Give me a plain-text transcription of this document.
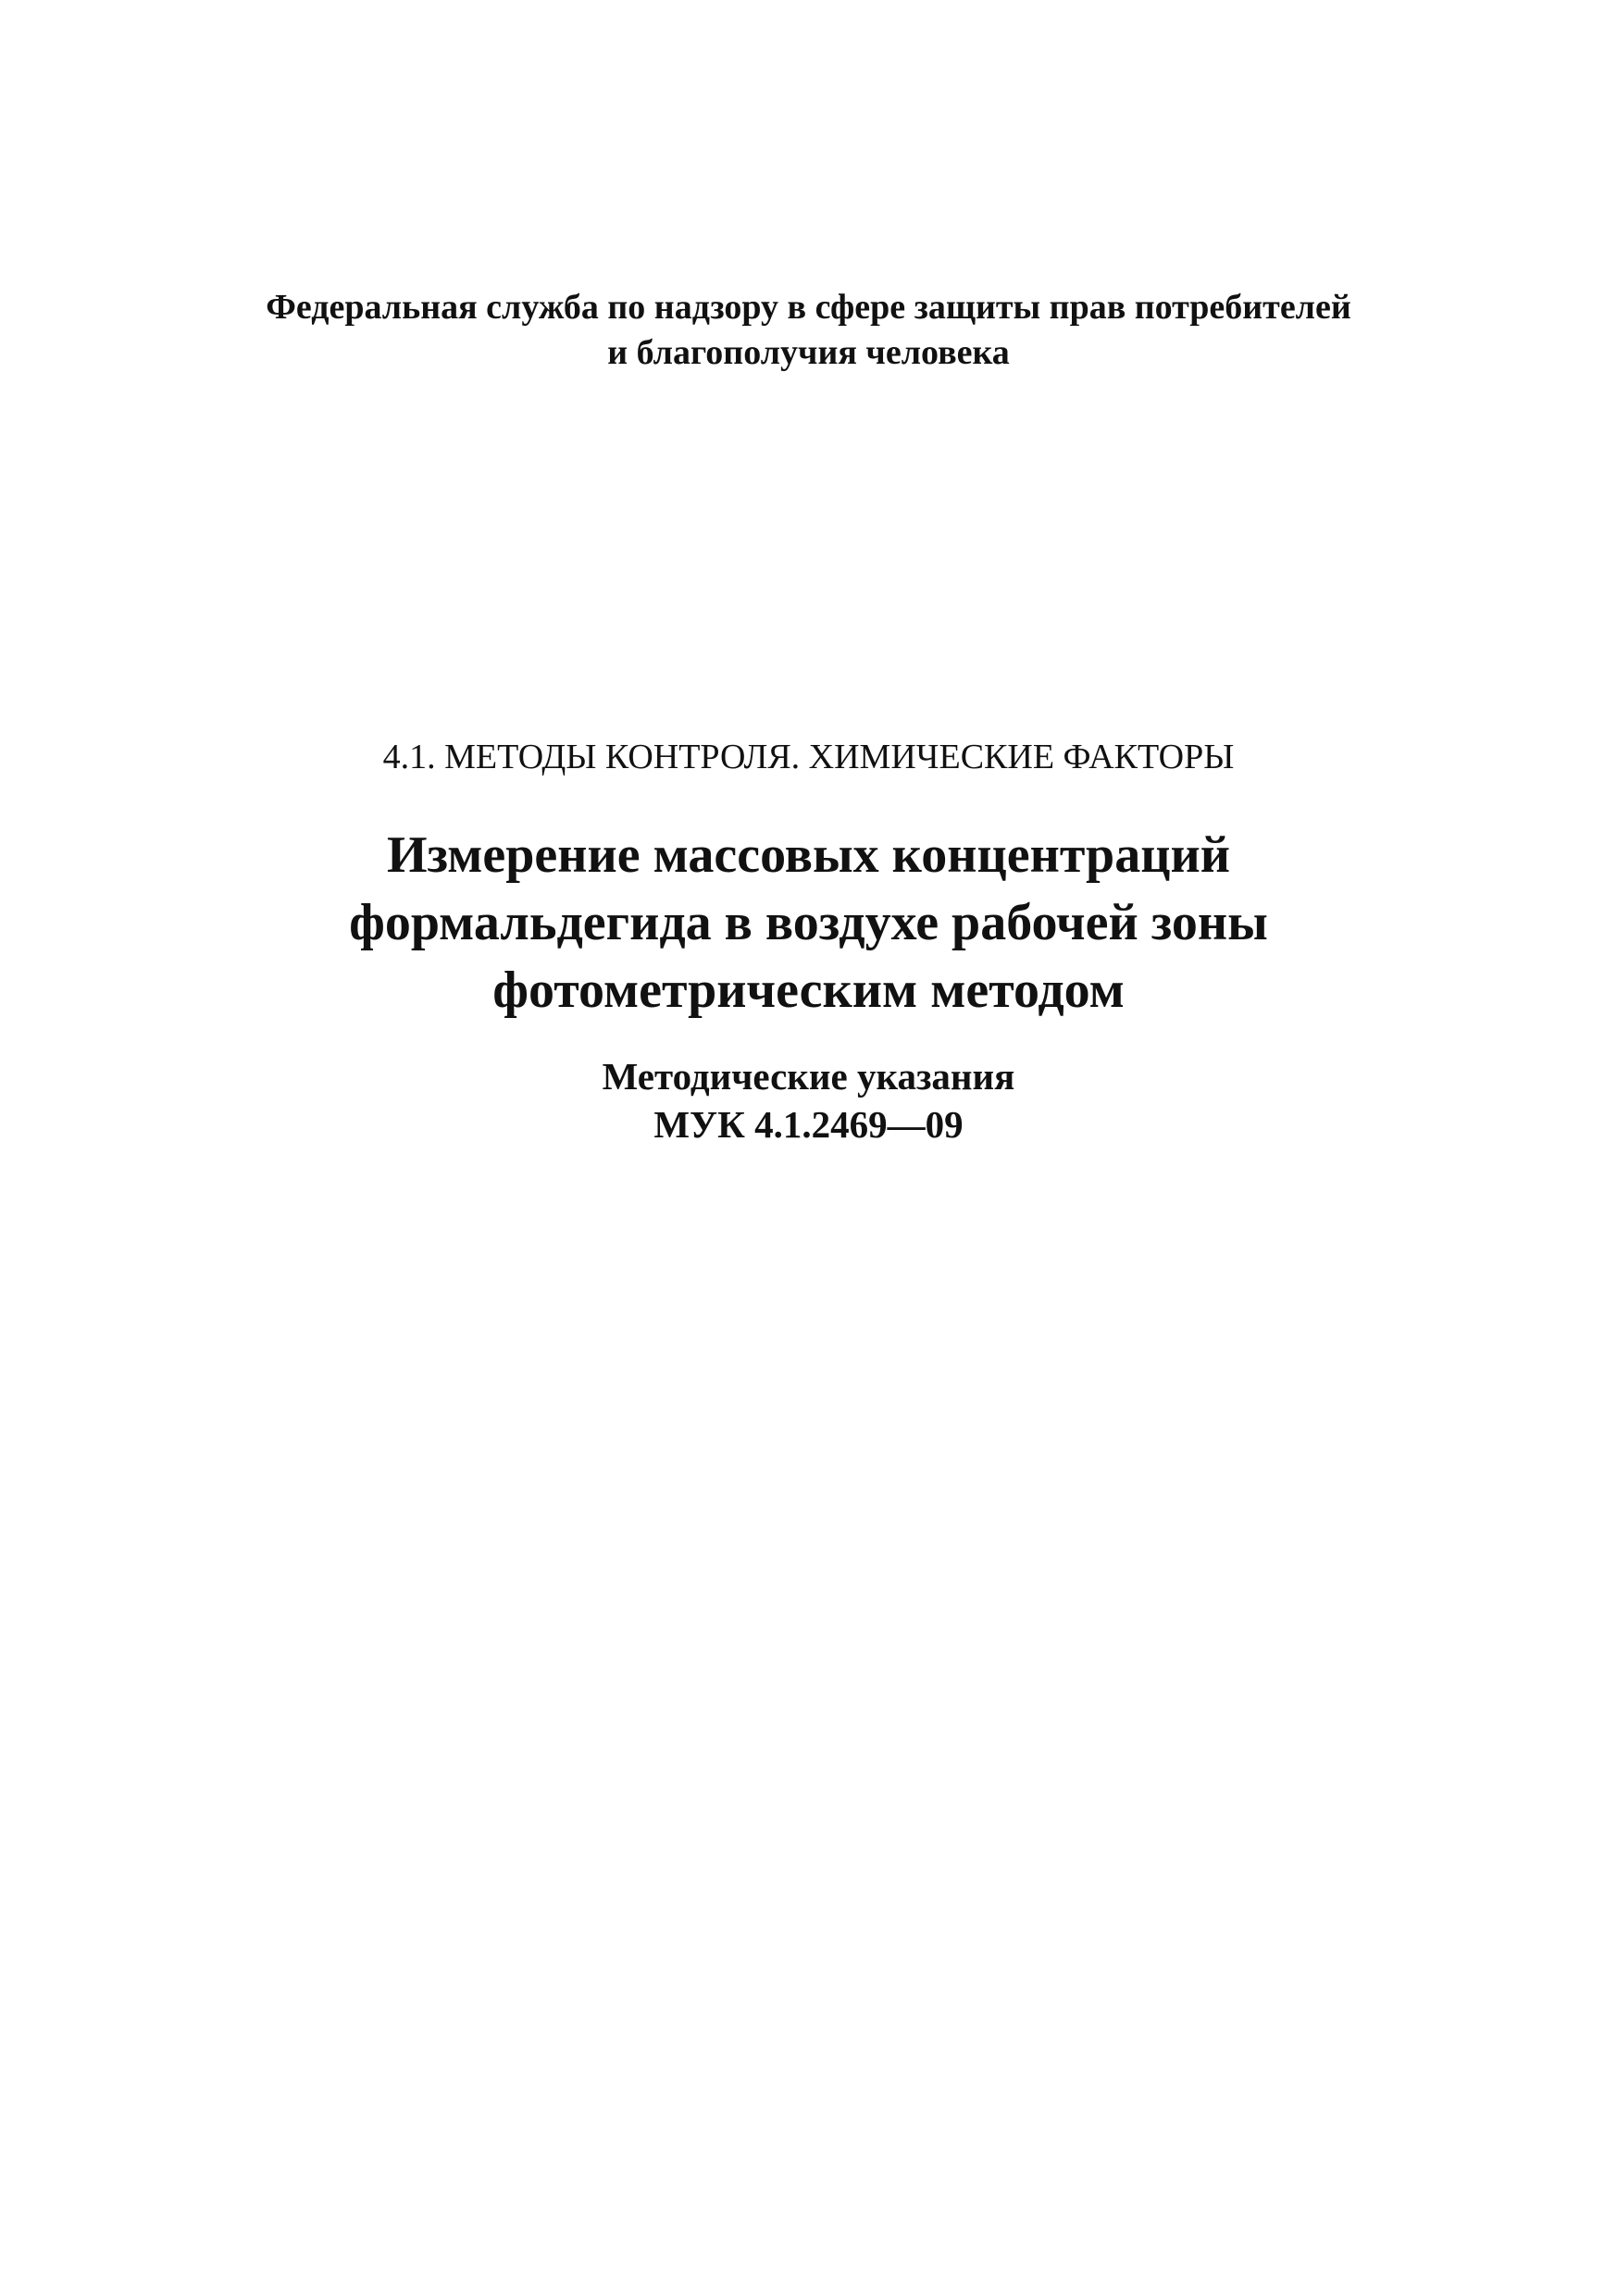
Федеральная служба по надзору в сфере защиты прав потребителей
и благополучия человека
4.1. МЕТОДЫ КОНТРОЛЯ. ХИМИЧЕСКИЕ ФАКТОРЫ
Измерение массовых концентраций
формальдегида в воздухе рабочей зоны
фотометрическим методом
Методические указания
МУК 4.1.2469—09
